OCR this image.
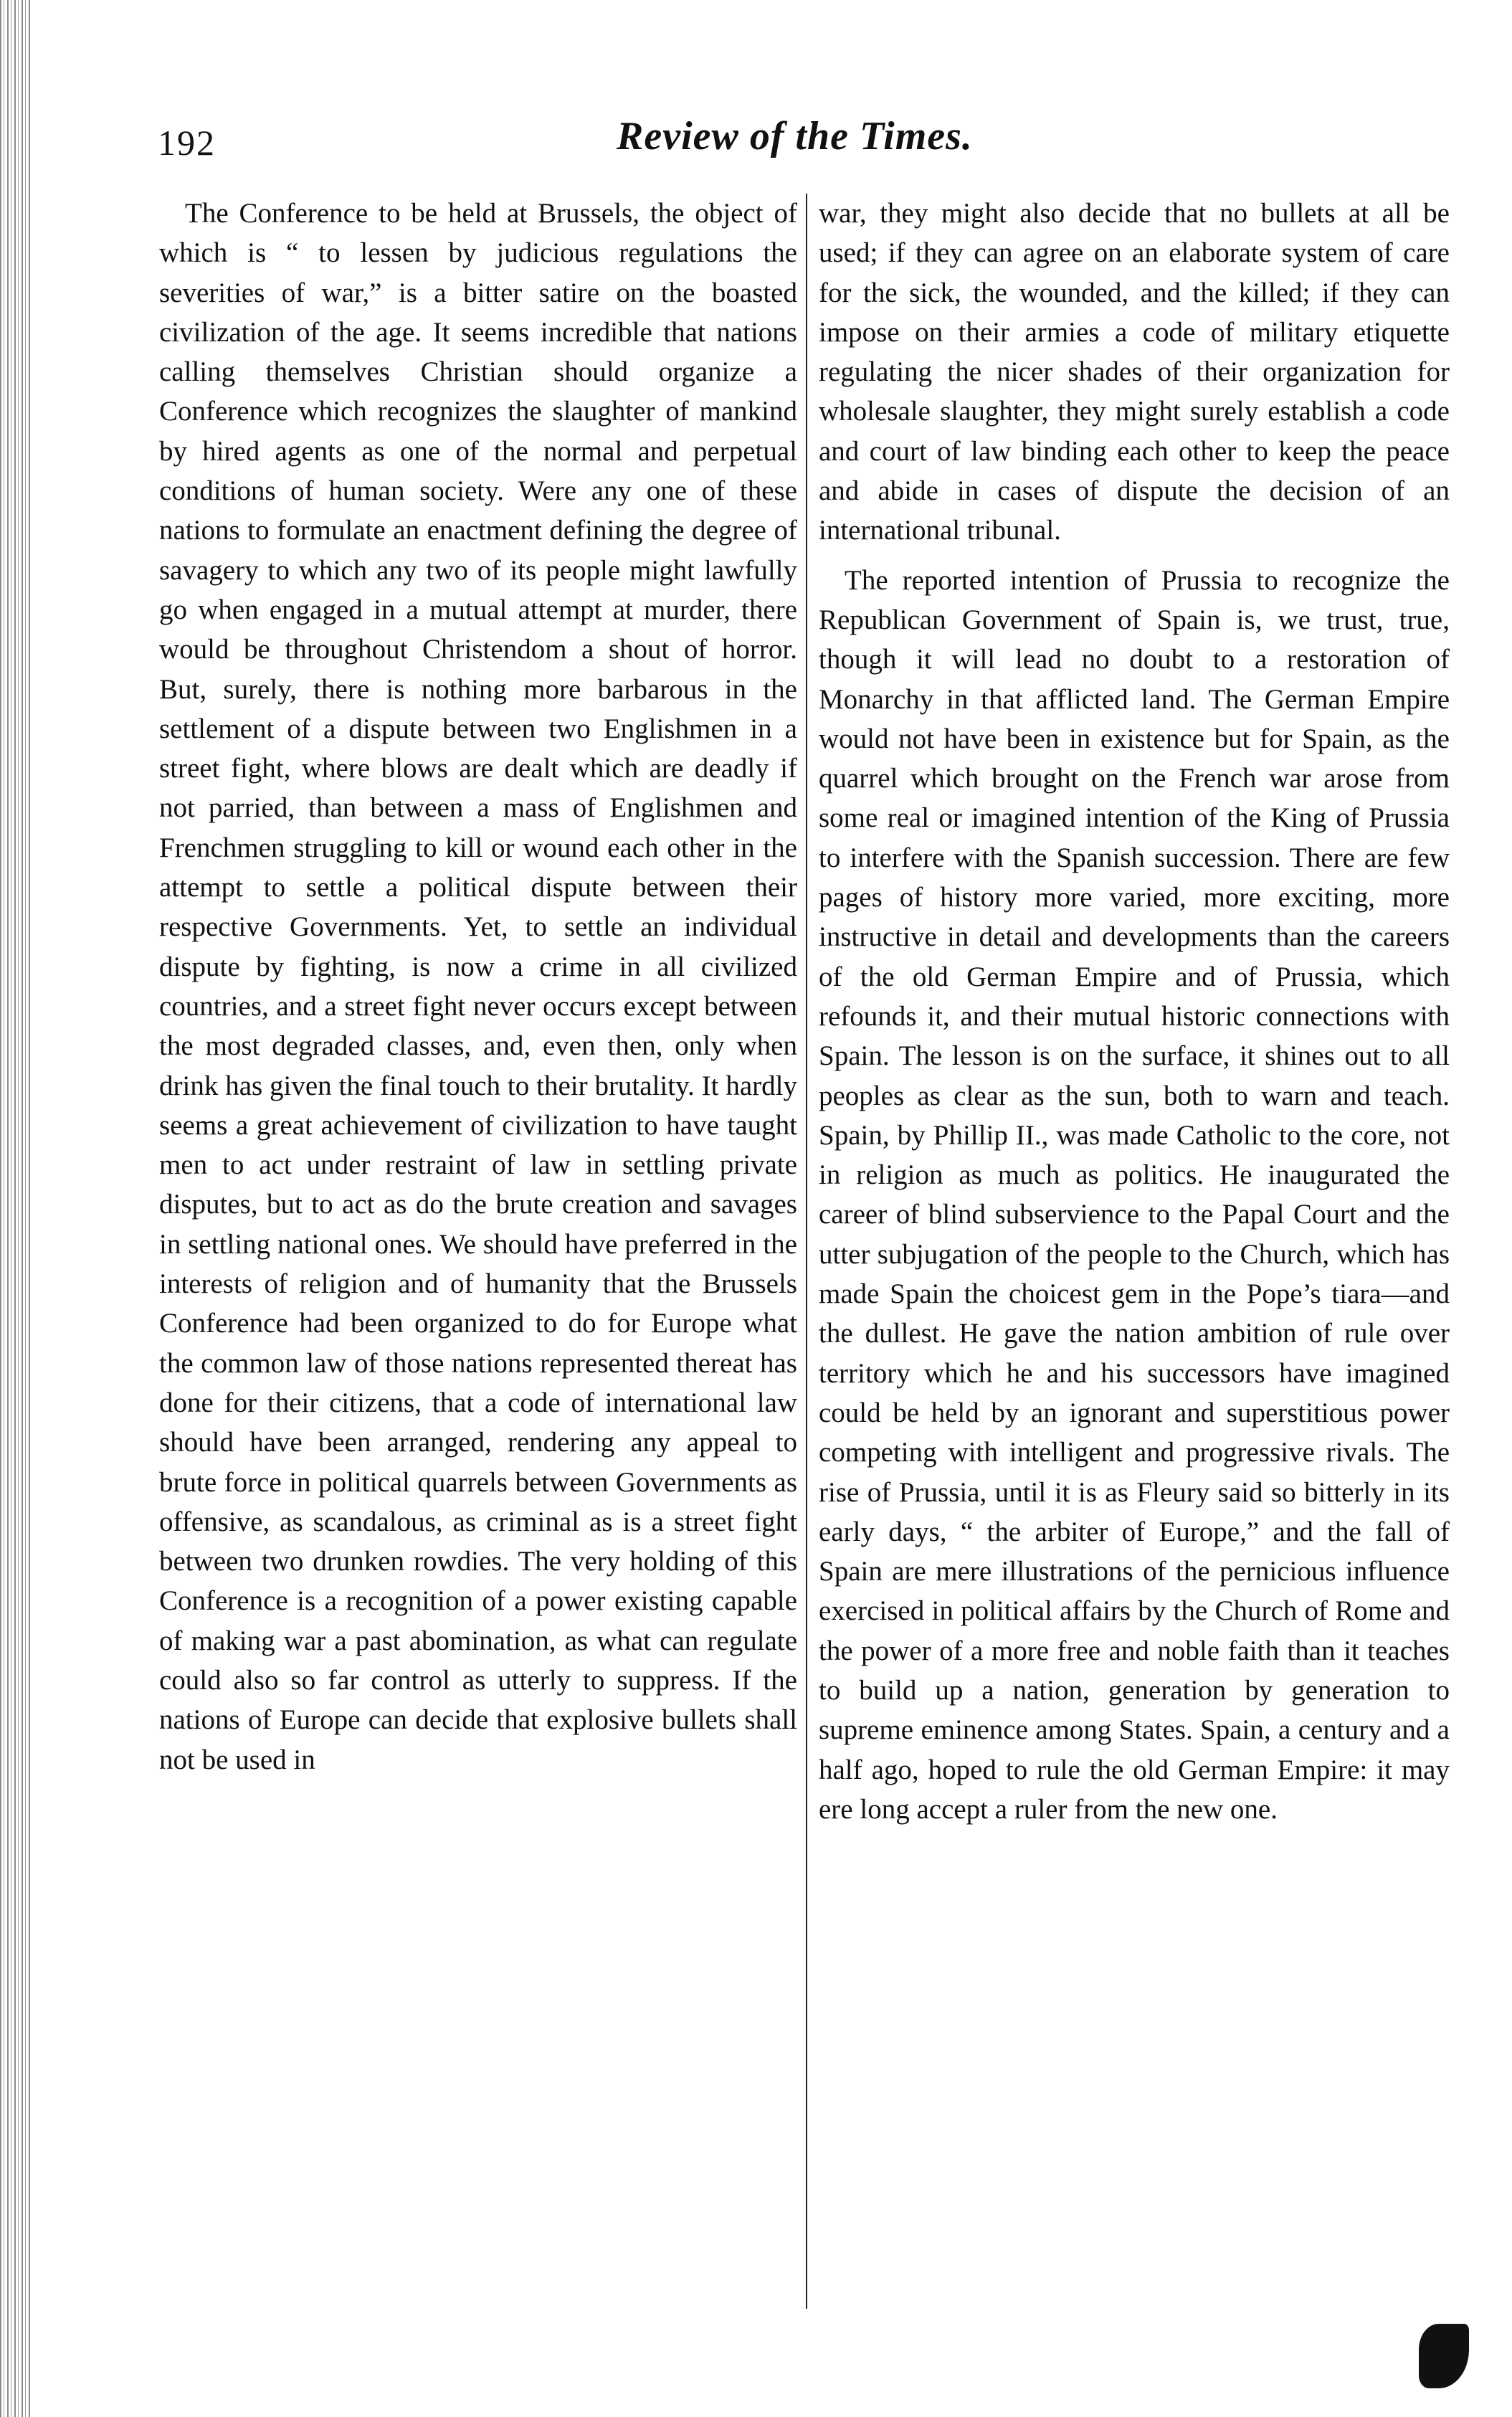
192	Review of the Times.

The Conference to be held at Brussels, the object of which is “ to lessen by judicious regulations the severities of war,” is a bitter satire on the boasted civilization of the age. It seems incredible that nations calling themselves Christian should organize a Conference which recognizes the slaughter of mankind by hired agents as one of the normal and perpetual conditions of human society. Were any one of these nations to formulate an enactment defining the degree of savagery to which any two of its people might lawfully go when engaged in a mutual attempt at murder, there would be throughout Christendom a shout of horror. But, surely, there is nothing more barbarous in the settlement of a dispute between two Englishmen in a street fight, where blows are dealt which are deadly if not parried, than between a mass of Englishmen and Frenchmen struggling to kill or wound each other in the attempt to settle a political dispute between their respective Governments. Yet, to settle an individual dispute by fighting, is now a crime in all civilized countries, and a street fight never occurs except between the most degraded classes, and, even then, only when drink has given the final touch to their brutality. It hardly seems a great achievement of civilization to have taught men to act under restraint of law in settling private disputes, but to act as do the brute creation and savages in settling national ones. We should have preferred in the interests of religion and of humanity that the Brussels Conference had been organized to do for Europe what the common law of those nations represented thereat has done for their citizens, that a code of international law should have been arranged, rendering any appeal to brute force in political quarrels between Governments as offensive, as scandalous, as criminal as is a street fight between two drunken rowdies. The very holding of this Conference is a recognition of a power existing capable of making war a past abomination, as what can regulate could also so far control as utterly to suppress. If the nations of Europe can decide that explosive bullets shall not be used in

war, they might also decide that no bullets at all be used; if they can agree on an elaborate system of care for the sick, the wounded, and the killed; if they can impose on their armies a code of military etiquette regulating the nicer shades of their organization for wholesale slaughter, they might surely establish a code and court of law binding each other to keep the peace and abide in cases of dispute the decision of an international tribunal.

The reported intention of Prussia to recognize the Republican Government of Spain is, we trust, true, though it will lead no doubt to a restoration of Monarchy in that afflicted land. The German Empire would not have been in existence but for Spain, as the quarrel which brought on the French war arose from some real or imagined intention of the King of Prussia to interfere with the Spanish succession. There are few pages of history more varied, more exciting, more instructive in detail and developments than the careers of the old German Empire and of Prussia, which refounds it, and their mutual historic connections with Spain. The lesson is on the surface, it shines out to all peoples as clear as the sun, both to warn and teach. Spain, by Phillip II., was made Catholic to the core, not in religion as much as politics. He inaugurated the career of blind subservience to the Papal Court and the utter subjugation of the people to the Church, which has made Spain the choicest gem in the Pope’s tiara—and the dullest. He gave the nation ambition of rule over territory which he and his successors have imagined could be held by an ignorant and superstitious power competing with intelligent and progressive rivals. The rise of Prussia, until it is as Fleury said so bitterly in its early days, “ the arbiter of Europe,” and the fall of Spain are mere illustrations of the pernicious influence exercised in political affairs by the Church of Rome and the power of a more free and noble faith than it teaches to build up a nation, generation by generation to supreme eminence among States. Spain, a century and a half ago, hoped to rule the old German Empire: it may ere long accept a ruler from the new one.
